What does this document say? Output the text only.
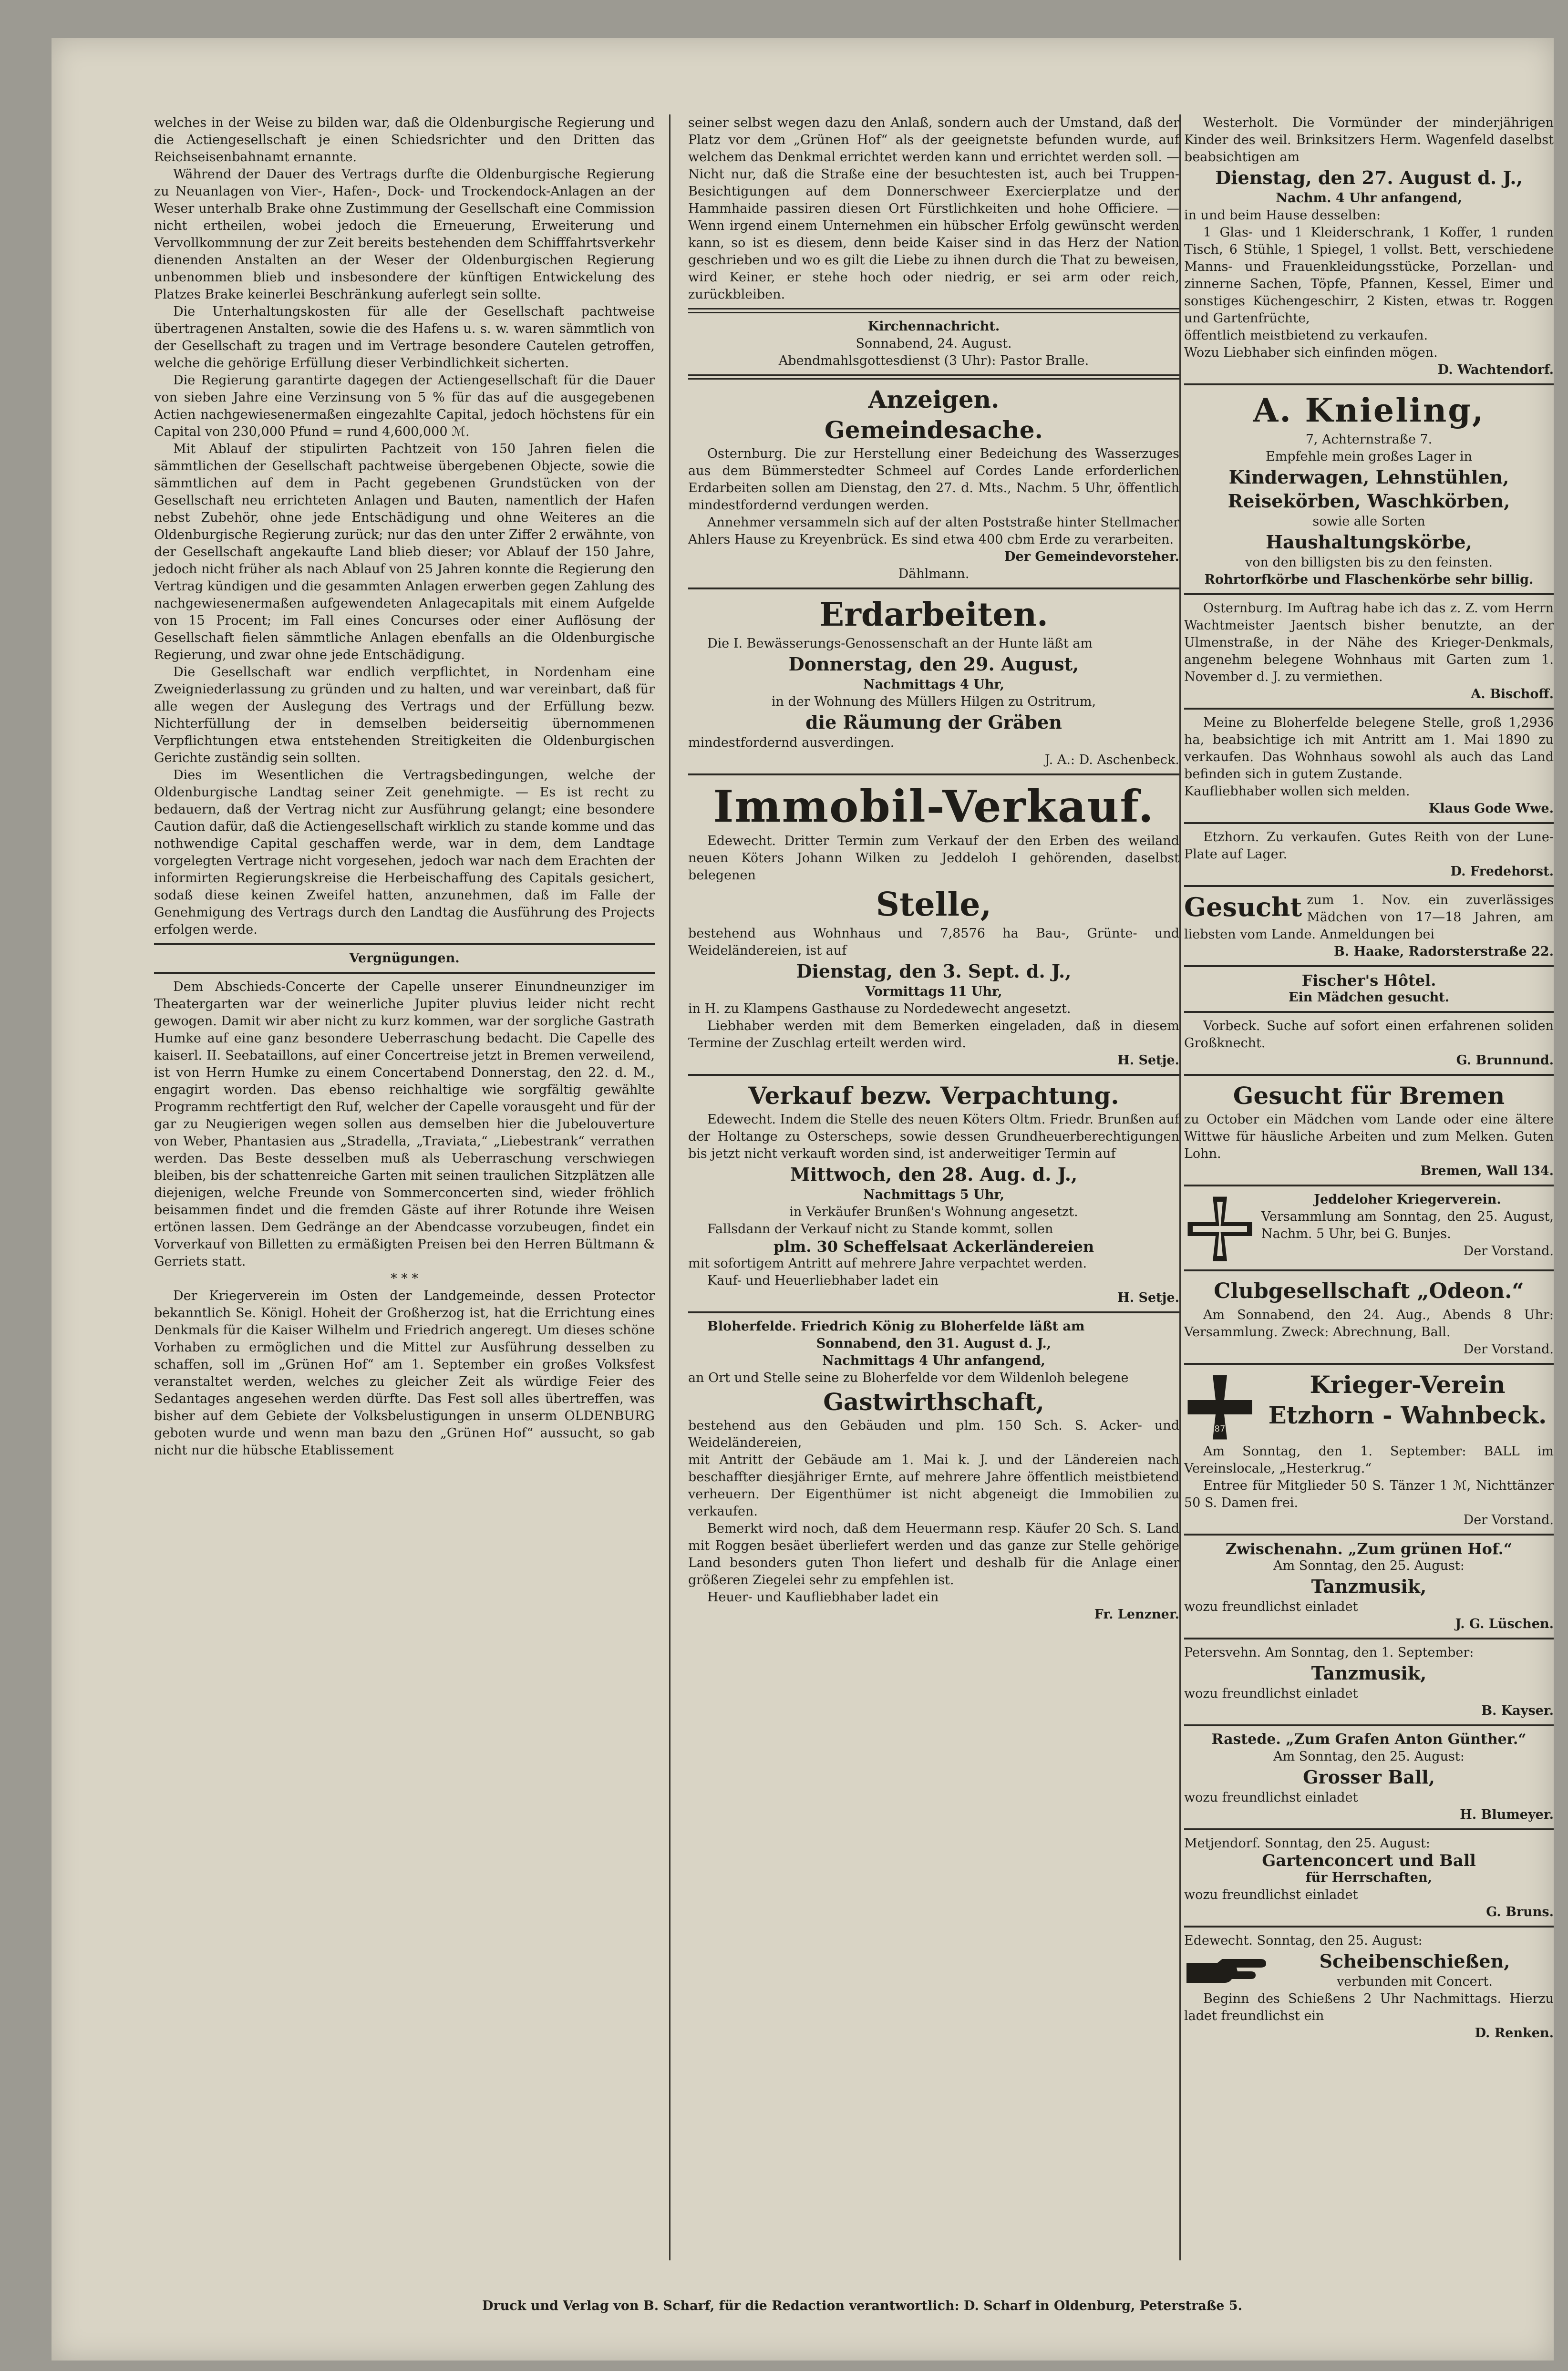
welches in der Weise zu bilden war, daß die Oldenburgische Regierung und die Actiengesellschaft je einen Schiedsrichter und den Dritten das Reichseisenbahnamt ernannte.

Während der Dauer des Vertrags durfte die Oldenburgische Regierung zu Neuanlagen von Vier-, Hafen-, Dock- und Trockendock-Anlagen an der Weser unterhalb Brake ohne Zustimmung der Gesellschaft eine Commission nicht ertheilen, wobei jedoch die Erneuerung, Erweiterung und Vervollkommnung der zur Zeit bereits bestehenden dem Schifffahrtsverkehr dienenden Anstalten an der Weser der Oldenburgischen Regierung unbenommen blieb und insbesondere der künftigen Entwickelung des Platzes Brake keinerlei Beschränkung auferlegt sein sollte.

Die Unterhaltungskosten für alle der Gesellschaft pachtweise übertragenen Anstalten, sowie die des Hafens u. s. w. waren sämmtlich von der Gesellschaft zu tragen und im Vertrage besondere Cautelen getroffen, welche die gehörige Erfüllung dieser Verbindlichkeit sicherten.

Die Regierung garantirte dagegen der Actiengesellschaft für die Dauer von sieben Jahre eine Verzinsung von 5 % für das auf die ausgegebenen Actien nachgewiesenermaßen eingezahlte Capital, jedoch höchstens für ein Capital von 230,000 Pfund = rund 4,600,000 ℳ.

Mit Ablauf der stipulirten Pachtzeit von 150 Jahren fielen die sämmtlichen der Gesellschaft pachtweise übergebenen Objecte, sowie die sämmtlichen auf dem in Pacht gegebenen Grundstücken von der Gesellschaft neu errichteten Anlagen und Bauten, namentlich der Hafen nebst Zubehör, ohne jede Entschädigung und ohne Weiteres an die Oldenburgische Regierung zurück; nur das den unter Ziffer 2 erwähnte, von der Gesellschaft angekaufte Land blieb dieser; vor Ablauf der 150 Jahre, jedoch nicht früher als nach Ablauf von 25 Jahren konnte die Regierung den Vertrag kündigen und die gesammten Anlagen erwerben gegen Zahlung des nachgewiesenermaßen aufgewendeten Anlagecapitals mit einem Aufgelde von 15 Procent; im Fall eines Concurses oder einer Auflösung der Gesellschaft fielen sämmtliche Anlagen ebenfalls an die Oldenburgische Regierung, und zwar ohne jede Entschädigung.

Die Gesellschaft war endlich verpflichtet, in Nordenham eine Zweigniederlassung zu gründen und zu halten, und war vereinbart, daß für alle wegen der Auslegung des Vertrags und der Erfüllung bezw. Nichterfüllung der in demselben beiderseitig übernommenen Verpflichtungen etwa entstehenden Streitigkeiten die Oldenburgischen Gerichte zuständig sein sollten.

Dies im Wesentlichen die Vertragsbedingungen, welche der Oldenburgische Landtag seiner Zeit genehmigte. — Es ist recht zu bedauern, daß der Vertrag nicht zur Ausführung gelangt; eine besondere Caution dafür, daß die Actiengesellschaft wirklich zu stande komme und das nothwendige Capital geschaffen werde, war in dem, dem Landtage vorgelegten Vertrage nicht vorgesehen, jedoch war nach dem Erachten der informirten Regierungskreise die Herbeischaffung des Capitals gesichert, sodaß diese keinen Zweifel hatten, anzunehmen, daß im Falle der Genehmigung des Vertrags durch den Landtag die Ausführung des Projects erfolgen werde.

Vergnügungen.

Dem Abschieds-Concerte der Capelle unserer Einundneunziger im Theatergarten war der weinerliche Jupiter pluvius leider nicht recht gewogen. Damit wir aber nicht zu kurz kommen, war der sorgliche Gastrath Humke auf eine ganz besondere Ueberraschung bedacht. Die Capelle des kaiserl. II. Seebataillons, auf einer Concertreise jetzt in Bremen verweilend, ist von Herrn Humke zu einem Concertabend Donnerstag, den 22. d. M., engagirt worden. Das ebenso reichhaltige wie sorgfältig gewählte Programm rechtfertigt den Ruf, welcher der Capelle vorausgeht und für der gar zu Neugierigen wegen sollen aus demselben hier die Jubelouverture von Weber, Phantasien aus „Stradella, „Traviata,“ „Liebestrank“ verrathen werden. Das Beste desselben muß als Ueberraschung verschwiegen bleiben, bis der schattenreiche Garten mit seinen traulichen Sitzplätzen alle diejenigen, welche Freunde von Sommerconcerten sind, wieder fröhlich beisammen findet und die fremden Gäste auf ihrer Rotunde ihre Weisen ertönen lassen. Dem Gedränge an der Abendcasse vorzubeugen, findet ein Vorverkauf von Billetten zu ermäßigten Preisen bei den Herren Bültmann & Gerriets statt.

* * *

Der Kriegerverein im Osten der Landgemeinde, dessen Protector bekanntlich Se. Königl. Hoheit der Großherzog ist, hat die Errichtung eines Denkmals für die Kaiser Wilhelm und Friedrich angeregt. Um dieses schöne Vorhaben zu ermöglichen und die Mittel zur Ausführung desselben zu schaffen, soll im „Grünen Hof“ am 1. September ein großes Volksfest veranstaltet werden, welches zu gleicher Zeit als würdige Feier des Sedantages angesehen werden dürfte. Das Fest soll alles übertreffen, was bisher auf dem Gebiete der Volksbelustigungen in unserm OLDENBURG geboten wurde und wenn man bazu den „Grünen Hof“ aussucht, so gab nicht nur die hübsche Etablissement

seiner selbst wegen dazu den Anlaß, sondern auch der Umstand, daß der Platz vor dem „Grünen Hof“ als der geeignetste befunden wurde, auf welchem das Denkmal errichtet werden kann und errichtet werden soll. — Nicht nur, daß die Straße eine der besuchtesten ist, auch bei Truppen-Besichtigungen auf dem Donnerschweer Exercierplatze und der Hammhaide passiren diesen Ort Fürstlichkeiten und hohe Officiere. — Wenn irgend einem Unternehmen ein hübscher Erfolg gewünscht werden kann, so ist es diesem, denn beide Kaiser sind in das Herz der Nation geschrieben und wo es gilt die Liebe zu ihnen durch die That zu beweisen, wird Keiner, er stehe hoch oder niedrig, er sei arm oder reich, zurückbleiben.

Kirchennachricht.
Sonnabend, 24. August.
Abendmahlsgottesdienst (3 Uhr): Pastor Bralle.
Anzeigen.
Gemeindesache.

Osternburg. Die zur Herstellung einer Bedeichung des Wasserzuges aus dem Bümmerstedter Schmeel auf Cordes Lande erforderlichen Erdarbeiten sollen am Dienstag, den 27. d. Mts., Nachm. 5 Uhr, öffentlich mindestfordernd verdungen werden.

Annehmer versammeln sich auf der alten Poststraße hinter Stellmacher Ahlers Hause zu Kreyenbrück. Es sind etwa 400 cbm Erde zu verarbeiten.

Der Gemeindevorsteher.
Dählmann.
Erdarbeiten.

Die I. Bewässerungs-Genossenschaft an der Hunte läßt am

Donnerstag, den 29. August,
Nachmittags 4 Uhr,
in der Wohnung des Müllers Hilgen zu Ostritrum,
die Räumung der Gräben
mindestfordernd ausverdingen.
J. A.: D. Aschenbeck.
Immobil-Verkauf.

Edewecht. Dritter Termin zum Verkauf der den Erben des weiland neuen Köters Johann Wilken zu Jeddeloh I gehörenden, daselbst belegenen

Stelle,

bestehend aus Wohnhaus und 7,8576 ha Bau-, Grünte- und Weideländereien, ist auf

Dienstag, den 3. Sept. d. J.,
Vormittags 11 Uhr,

in H. zu Klampens Gasthause zu Nordedewecht angesetzt.

Liebhaber werden mit dem Bemerken eingeladen, daß in diesem Termine der Zuschlag erteilt werden wird.

H. Setje.
Verkauf bezw. Verpachtung.

Edewecht. Indem die Stelle des neuen Köters Oltm. Friedr. Brunßen auf der Holtange zu Osterscheps, sowie dessen Grundheuerberechtigungen bis jetzt nicht verkauft worden sind, ist anderweitiger Termin auf

Mittwoch, den 28. Aug. d. J.,
Nachmittags 5 Uhr,
in Verkäufer Brunßen's Wohnung angesetzt.

Fallsdann der Verkauf nicht zu Stande kommt, sollen

plm. 30 Scheffelsaat Ackerländereien

mit sofortigem Antritt auf mehrere Jahre verpachtet werden.

Kauf- und Heuerliebhaber ladet ein

H. Setje.

Bloherfelde. Friedrich König zu Bloherfelde läßt am

Sonnabend, den 31. August d. J.,
Nachmittags 4 Uhr anfangend,

an Ort und Stelle seine zu Bloherfelde vor dem Wildenloh belegene

Gastwirthschaft,

bestehend aus den Gebäuden und plm. 150 Sch. S. Acker- und Weideländereien,

mit Antritt der Gebäude am 1. Mai k. J. und der Ländereien nach beschaffter diesjähriger Ernte, auf mehrere Jahre öffentlich meistbietend verheuern. Der Eigenthümer ist nicht abgeneigt die Immobilien zu verkaufen.

Bemerkt wird noch, daß dem Heuermann resp. Käufer 20 Sch. S. Land mit Roggen besäet überliefert werden und das ganze zur Stelle gehörige Land besonders guten Thon liefert und deshalb für die Anlage einer größeren Ziegelei sehr zu empfehlen ist.

Heuer- und Kaufliebhaber ladet ein

Fr. Lenzner.

Westerholt. Die Vormünder der minderjährigen Kinder des weil. Brinksitzers Herm. Wagenfeld daselbst beabsichtigen am

Dienstag, den 27. August d. J.,
Nachm. 4 Uhr anfangend,
in und beim Hause desselben:

1 Glas- und 1 Kleiderschrank, 1 Koffer, 1 runden Tisch, 6 Stühle, 1 Spiegel, 1 vollst. Bett, verschiedene Manns- und Frauenkleidungsstücke, Porzellan- und zinnerne Sachen, Töpfe, Pfannen, Kessel, Eimer und sonstiges Küchengeschirr, 2 Kisten, etwas tr. Roggen und Gartenfrüchte,

öffentlich meistbietend zu verkaufen.
Wozu Liebhaber sich einfinden mögen.
D. Wachtendorf.
A. Knieling,
7, Achternstraße 7.
Empfehle mein großes Lager in
Kinderwagen, Lehnstühlen,
Reisekörben, Waschkörben,
sowie alle Sorten
Haushaltungskörbe,
von den billigsten bis zu den feinsten.
Rohrtorfkörbe und Flaschenkörbe sehr billig.

Osternburg. Im Auftrag habe ich das z. Z. vom Herrn Wachtmeister Jaentsch bisher benutzte, an der Ulmenstraße, in der Nähe des Krieger-Denkmals, angenehm belegene Wohnhaus mit Garten zum 1. November d. J. zu vermiethen.

A. Bischoff.

Meine zu Bloherfelde belegene Stelle, groß 1,2936 ha, beabsichtige ich mit Antritt am 1. Mai 1890 zu verkaufen. Das Wohnhaus sowohl als auch das Land befinden sich in gutem Zustande.

Kaufliebhaber wollen sich melden.
Klaus Gode Wwe.

Etzhorn. Zu verkaufen. Gutes Reith von der Lune-Plate auf Lager.

D. Fredehorst.
Gesucht zum 1. Nov. ein zuverlässiges Mädchen von 17—18 Jahren, am liebsten vom Lande. Anmeldungen bei

B. Haake, Radorsterstraße 22.
Fischer's Hôtel.
Ein Mädchen gesucht.

Vorbeck. Suche auf sofort einen erfahrenen soliden Großknecht.

G. Brunnund.
Gesucht für Bremen

zu October ein Mädchen vom Lande oder eine ältere Wittwe für häusliche Arbeiten und zum Melken. Guten Lohn.

Bremen, Wall 134.
Jeddeloher Kriegerverein.

Versammlung am Sonntag, den 25. August, Nachm. 5 Uhr, bei G. Bunjes.

Der Vorstand.
Clubgesellschaft „Odeon.“

Am Sonnabend, den 24. Aug., Abends 8 Uhr: Versammlung. Zweck: Abrechnung, Ball.

Der Vorstand.
1870
Krieger-Verein
Etzhorn - Wahnbeck.

Am Sonntag, den 1. September: BALL im Vereinslocale, „Hesterkrug.“

Entree für Mitglieder 50 S. Tänzer 1 ℳ, Nichttänzer 50 S. Damen frei.

Der Vorstand.
Zwischenahn. „Zum grünen Hof.“
Am Sonntag, den 25. August:
Tanzmusik,
wozu freundlichst einladet
J. G. Lüschen.
Petersvehn. Am Sonntag, den 1. September:
Tanzmusik,
wozu freundlichst einladet
B. Kayser.
Rastede. „Zum Grafen Anton Günther.“
Am Sonntag, den 25. August:
Grosser Ball,
wozu freundlichst einladet
H. Blumeyer.
Metjendorf. Sonntag, den 25. August:
Gartenconcert und Ball
für Herrschaften,
wozu freundlichst einladet
G. Bruns.
Edewecht. Sonntag, den 25. August:
Scheibenschießen,
verbunden mit Concert.

Beginn des Schießens 2 Uhr Nachmittags. Hierzu ladet freundlichst ein

D. Renken.
Druck und Verlag von B. Scharf, für die Redaction verantwortlich: D. Scharf in Oldenburg, Peterstraße 5.
